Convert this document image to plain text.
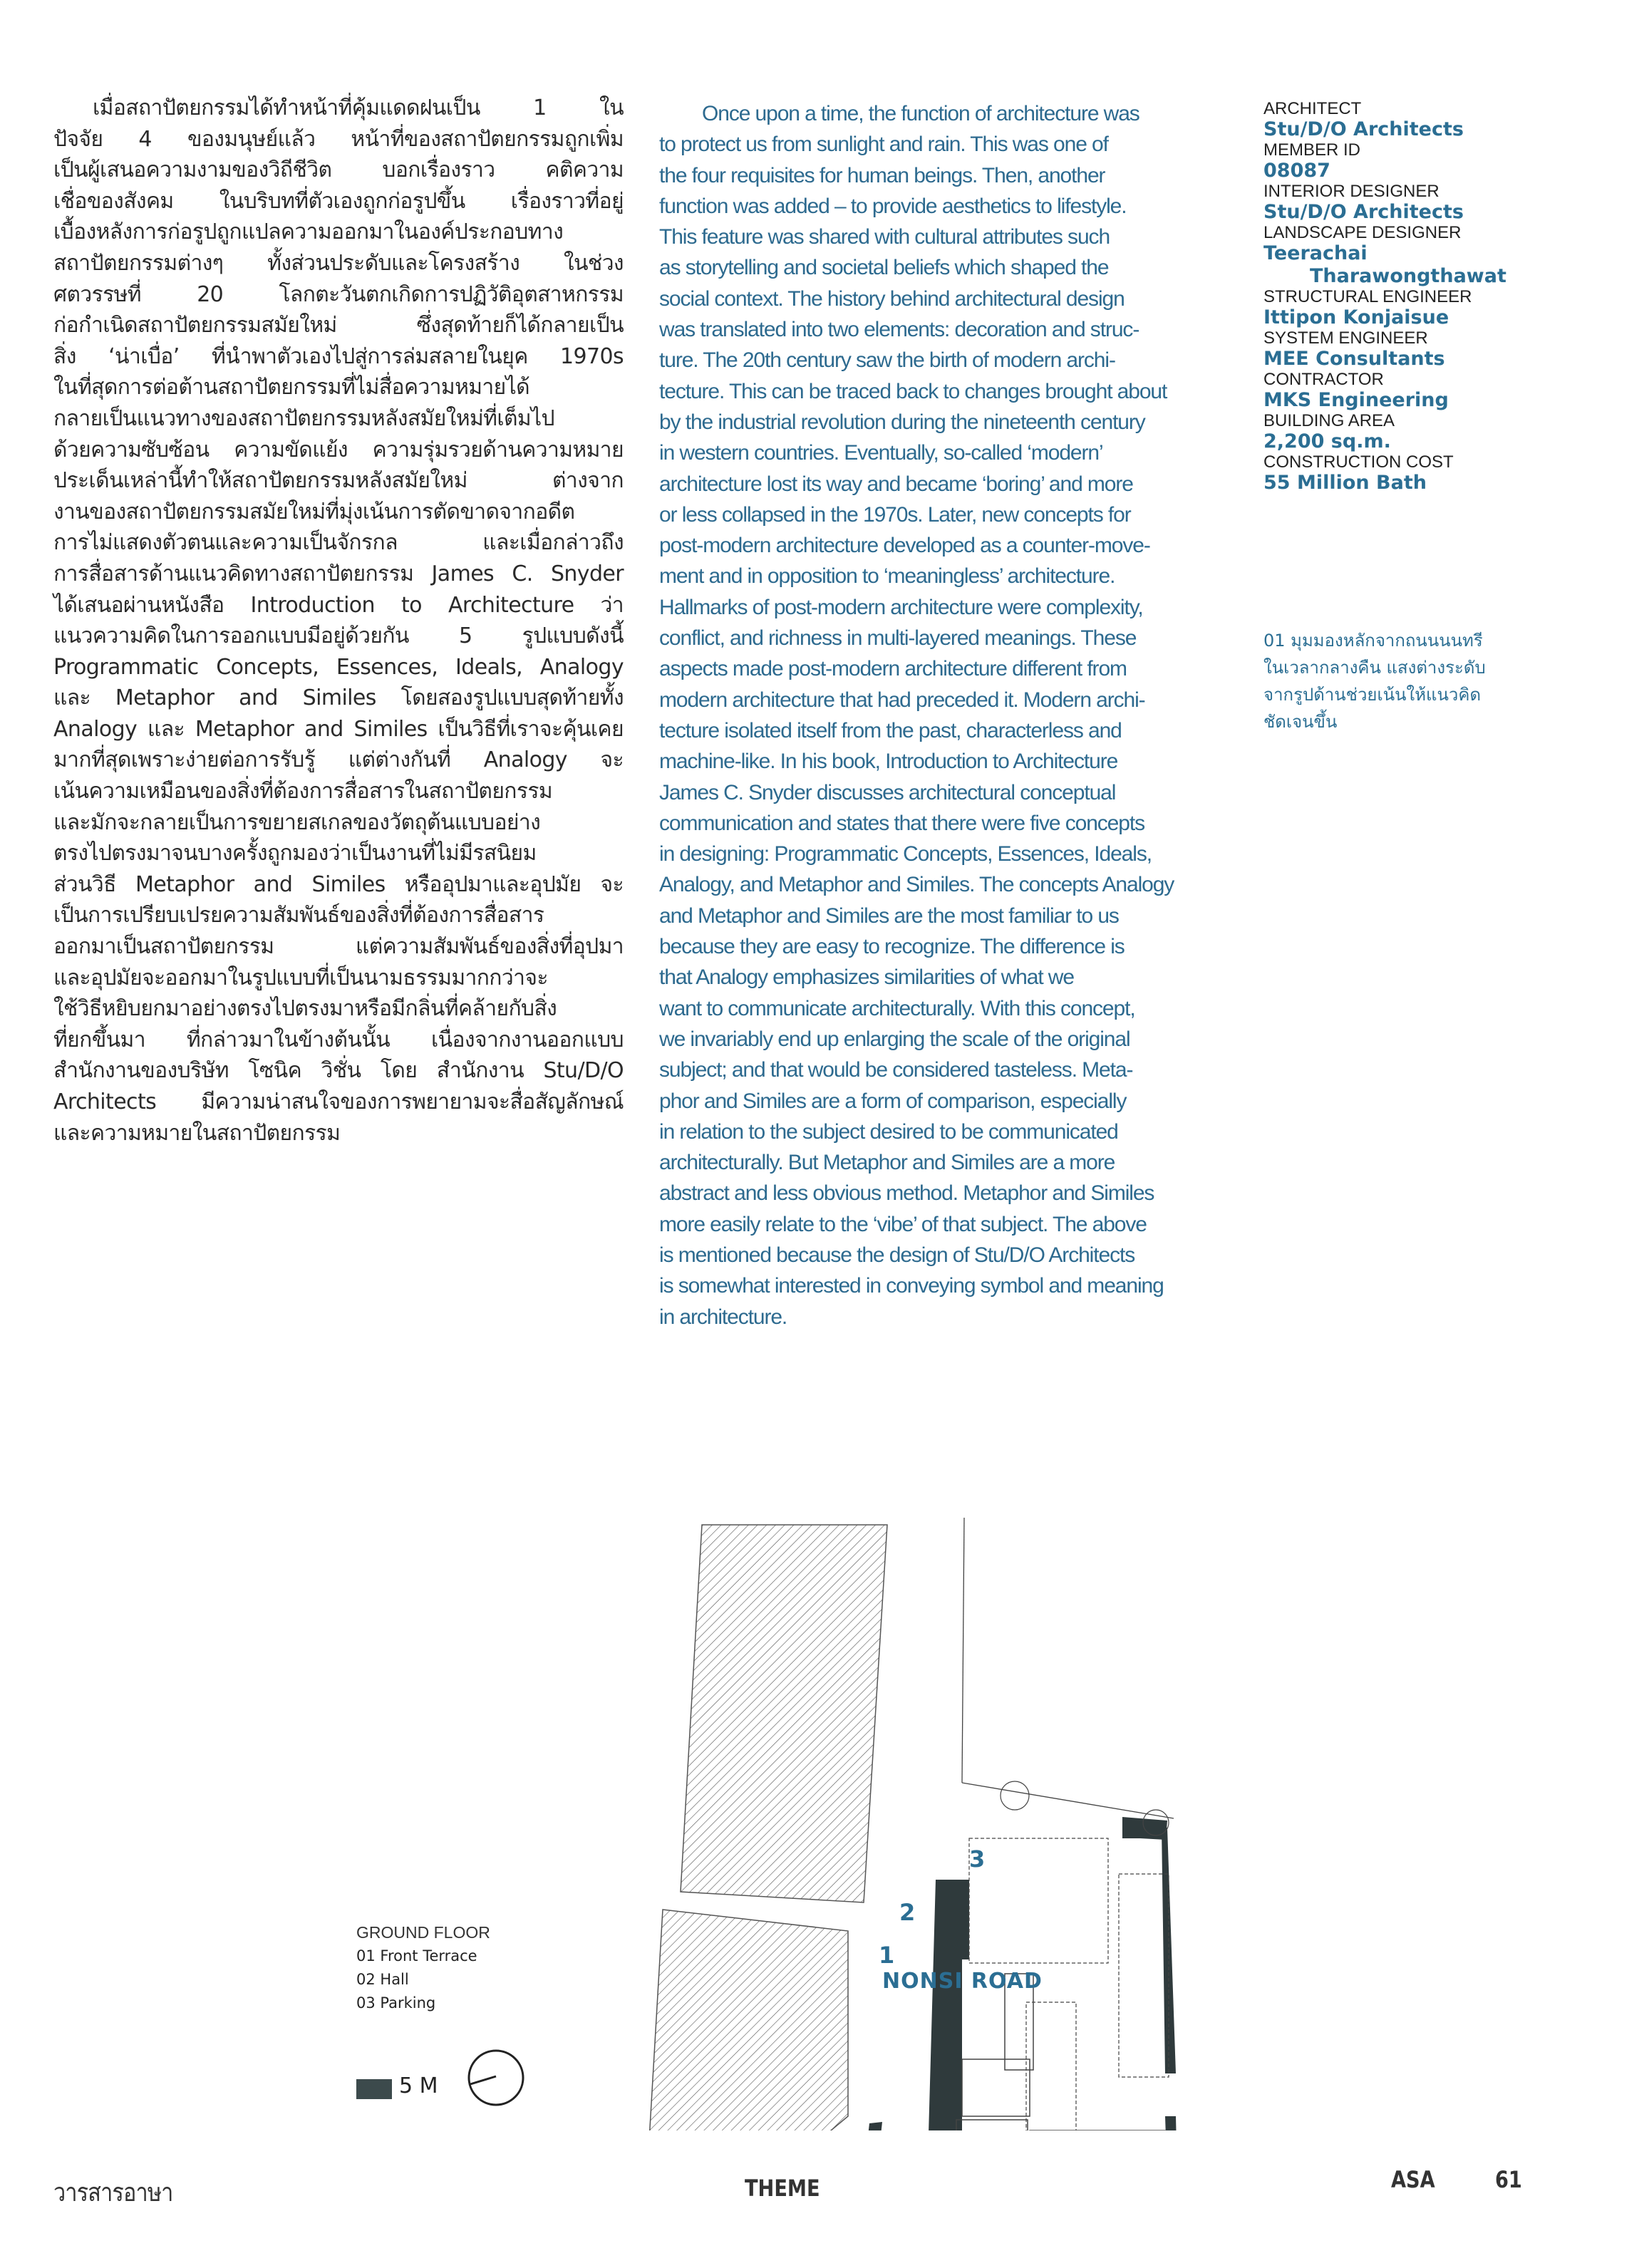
เมื่อสถาปัตยกรรมได้ทำหน้าที่คุ้มแดดฝนเป็น 1 ใน
ปัจจัย 4 ของมนุษย์แล้ว หน้าที่ของสถาปัตยกรรมถูกเพิ่ม
เป็นผู้เสนอความงามของวิถีชีวิต บอกเรื่องราว คติความ
เชื่อของสังคม ในบริบทที่ตัวเองถูกก่อรูปขึ้น เรื่องราวที่อยู่
เบื้องหลังการก่อรูปถูกแปลความออกมาในองค์ประกอบทาง
สถาปัตยกรรมต่างๆ ทั้งส่วนประดับและโครงสร้าง ในช่วง
ศตวรรษที่ 20 โลกตะวันตกเกิดการปฏิวัติอุตสาหกรรม
ก่อกำเนิดสถาปัตยกรรมสมัยใหม่ ซึ่งสุดท้ายก็ได้กลายเป็น
สิ่ง ‘น่าเบื่อ’ ที่นำพาตัวเองไปสู่การล่มสลายในยุค 1970s
ในที่สุดการต่อต้านสถาปัตยกรรมที่ไม่สื่อความหมายได้
กลายเป็นแนวทางของสถาปัตยกรรมหลังสมัยใหม่ที่เต็มไป
ด้วยความซับซ้อน ความขัดแย้ง ความรุ่มรวยด้านความหมาย
ประเด็นเหล่านี้ทำให้สถาปัตยกรรมหลังสมัยใหม่ ต่างจาก
งานของสถาปัตยกรรมสมัยใหม่ที่มุ่งเน้นการตัดขาดจากอดีต
การไม่แสดงตัวตนและความเป็นจักรกล และเมื่อกล่าวถึง
การสื่อสารด้านแนวคิดทางสถาปัตยกรรม James C. Snyder
ได้เสนอผ่านหนังสือ Introduction to Architecture ว่า
แนวความคิดในการออกแบบมีอยู่ด้วยกัน 5 รูปแบบดังนี้
Programmatic Concepts, Essences, Ideals, Analogy
และ Metaphor and Similes โดยสองรูปแบบสุดท้ายทั้ง
Analogy และ Metaphor and Similes เป็นวิธีที่เราจะคุ้นเคย
มากที่สุดเพราะง่ายต่อการรับรู้ แต่ต่างกันที่ Analogy จะ
เน้นความเหมือนของสิ่งที่ต้องการสื่อสารในสถาปัตยกรรม
และมักจะกลายเป็นการขยายสเกลของวัตถุต้นแบบอย่าง
ตรงไปตรงมาจนบางครั้งถูกมองว่าเป็นงานที่ไม่มีรสนิยม
ส่วนวิธี Metaphor and Similes หรืออุปมาและอุปมัย จะ
เป็นการเปรียบเปรยความสัมพันธ์ของสิ่งที่ต้องการสื่อสาร
ออกมาเป็นสถาปัตยกรรม แต่ความสัมพันธ์ของสิ่งที่อุปมา
และอุปมัยจะออกมาในรูปแบบที่เป็นนามธรรมมากกว่าจะ
ใช้วิธีหยิบยกมาอย่างตรงไปตรงมาหรือมีกลิ่นที่คล้ายกับสิ่ง
ที่ยกขึ้นมา ที่กล่าวมาในข้างต้นนั้น เนื่องจากงานออกแบบ
สำนักงานของบริษัท โซนิค วิชั่น โดย สำนักงาน Stu/D/O
Architects มีความน่าสนใจของการพยายามจะสื่อสัญลักษณ์
และความหมายในสถาปัตยกรรม
Once upon a time, the function of architecture was
to protect us from sunlight and rain. This was one of
the four requisites for human beings. Then, another
function was added – to provide aesthetics to lifestyle.
This feature was shared with cultural attributes such
as storytelling and societal beliefs which shaped the
social context. The history behind architectural design
was translated into two elements: decoration and struc-
ture. The 20th century saw the birth of modern archi-
tecture. This can be traced back to changes brought about
by the industrial revolution during the nineteenth century
in western countries. Eventually, so-called ‘modern’
architecture lost its way and became ‘boring’ and more
or less collapsed in the 1970s. Later, new concepts for
post-modern architecture developed as a counter-move-
ment and in opposition to ‘meaningless’ architecture.
Hallmarks of post-modern architecture were complexity,
conflict, and richness in multi-layered meanings. These
aspects made post-modern architecture different from
modern architecture that had preceded it. Modern archi-
tecture isolated itself from the past, characterless and
machine-like. In his book, Introduction to Architecture
James C. Snyder discusses architectural conceptual
communication and states that there were five concepts
in designing: Programmatic Concepts, Essences, Ideals,
Analogy, and Metaphor and Similes. The concepts Analogy
and Metaphor and Similes are the most familiar to us
because they are easy to recognize. The difference is
that Analogy emphasizes similarities of what we
want to communicate architecturally. With this concept,
we invariably end up enlarging the scale of the original
subject; and that would be considered tasteless. Meta-
phor and Similes are a form of comparison, especially
in relation to the subject desired to be communicated
architecturally. But Metaphor and Similes are a more
abstract and less obvious method. Metaphor and Similes
more easily relate to the ‘vibe’ of that subject. The above
is mentioned because the design of Stu/D/O Architects
is somewhat interested in conveying symbol and meaning
in architecture.
ARCHITECT
Stu/D/O Architects
MEMBER ID
08087
INTERIOR DESIGNER
Stu/D/O Architects
LANDSCAPE DESIGNER
Teerachai
Tharawongthawat
STRUCTURAL ENGINEER
Ittipon Konjaisue
SYSTEM ENGINEER
MEE Consultants
CONTRACTOR
MKS Engineering
BUILDING AREA
2,200 sq.m.
CONSTRUCTION COST
55 Million Bath
01 มุมมองหลักจากถนนนนทรี
ในเวลากลางคืน แสงต่างระดับ
จากรูปด้านช่วยเน้นให้แนวคิด
ชัดเจนขึ้น
3
2
1
NONSI ROAD
GROUND FLOOR
01 Front Terrace
02 Hall
03 Parking
5 M
วารสารอาษา	THEME	ASA	61
